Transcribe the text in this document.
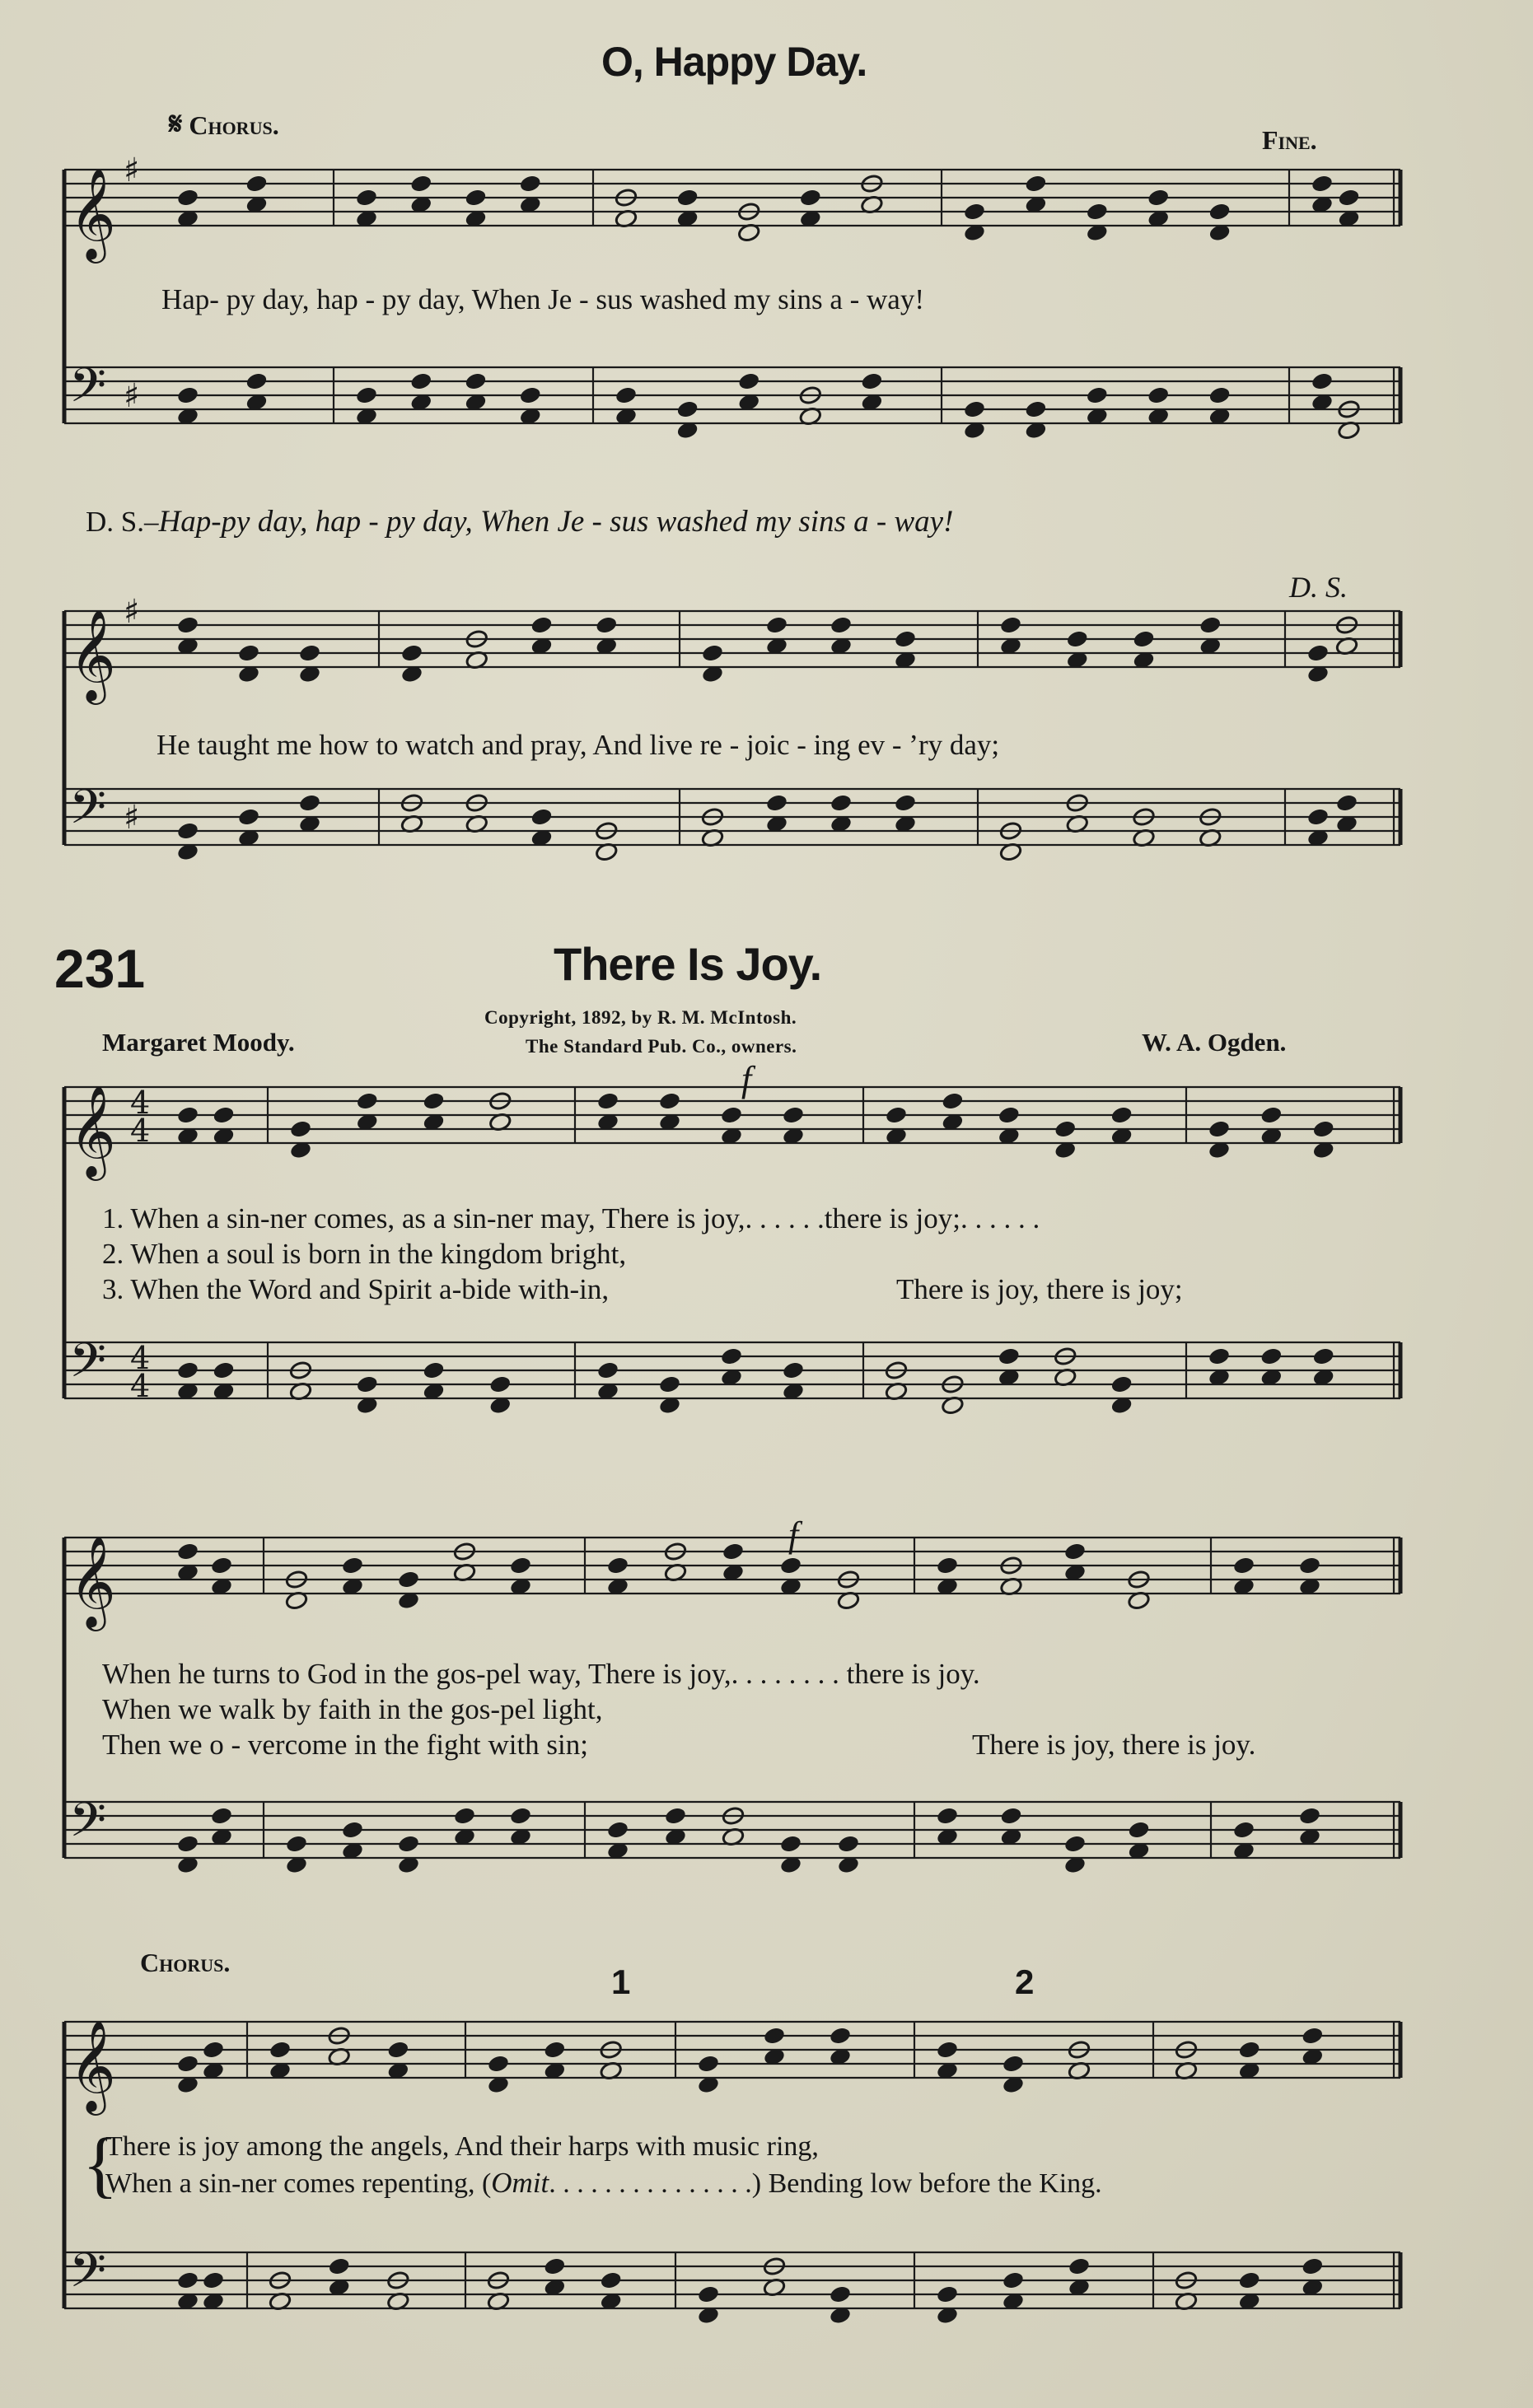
O, Happy Day.
𝄋 Chorus.	Fine.
𝄞 ♯
𝄢 ♯
𝄞 ♯
𝄢 ♯
𝄞 4
4
𝄢 4
4
𝄞
𝄢
𝄞
𝄢
Hap- py day, hap - py day, When Je - sus washed my sins a - way!
D. S.–Hap-py day, hap - py day, When Je - sus washed my sins a - way!
D. S.
He taught me how to watch and pray, And live re - joic - ing ev - ’ry day;
231	There Is Joy.
Margaret Moody.
Copyright, 1892, by R. M. McIntosh.
The Standard Pub. Co., owners.	W. A. Ogden.
f
f
1. When a sin-ner comes, as a sin-ner may, There is joy,. . . . . .there is joy;. . . . . .
2. When a soul is born in the kingdom bright,
3. When the Word and Spirit a-bide with-in,	There is joy, there is joy;
When he turns to God in the gos-pel way, There is joy,. . . . . . . . there is joy.
When we walk by faith in the gos-pel light,
Then we o - vercome in the fight with sin;	There is joy, there is joy.
Chorus.	1	2
There is joy among the angels, And their harps with music ring,
When a sin-ner comes repenting, (Omit. . . . . . . . . . . . . . .) Bending low before the King.
{
